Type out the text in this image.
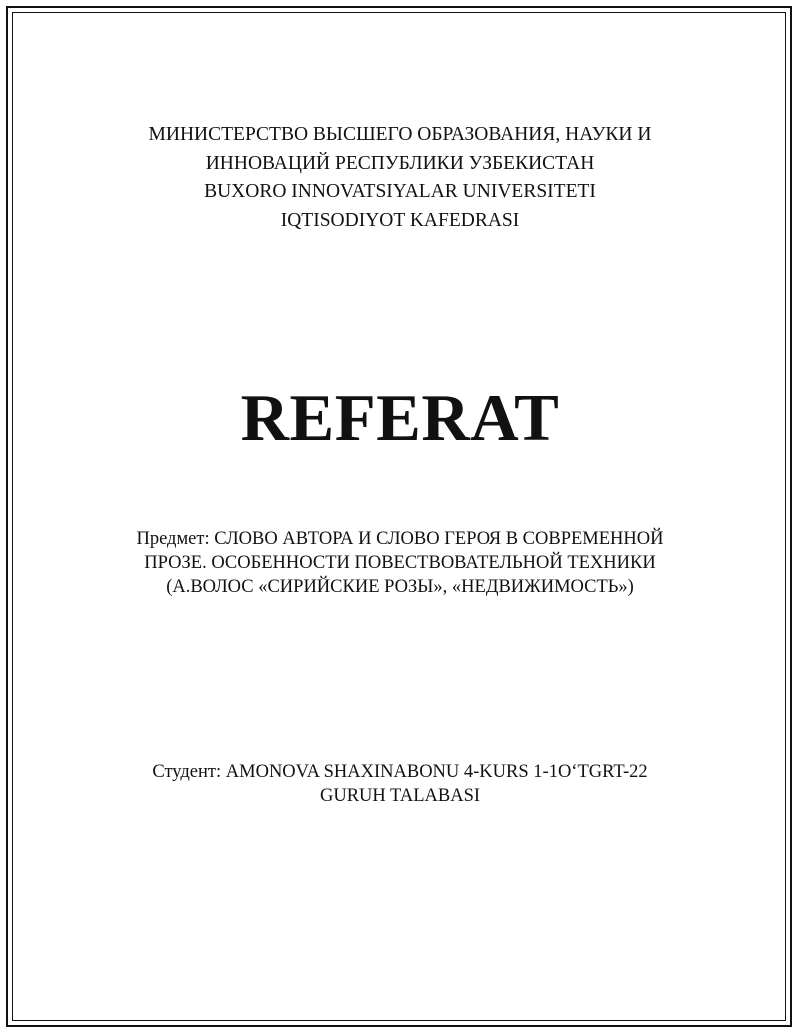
МИНИСТЕРСТВО ВЫСШЕГО ОБРАЗОВАНИЯ, НАУКИ И
ИННОВАЦИЙ РЕСПУБЛИКИ УЗБЕКИСТАН
BUXORO INNOVATSIYALAR UNIVERSITETI
IQTISODIYOT KAFEDRASI
REFERAT
Предмет: СЛОВО АВТОРА И СЛОВО ГЕРОЯ В СОВРЕМЕННОЙ
ПРОЗЕ. ОСОБЕННОСТИ ПОВЕСТВОВАТЕЛЬНОЙ ТЕХНИКИ
(А.ВОЛОС «СИРИЙСКИЕ РОЗЫ», «НЕДВИЖИМОСТЬ»)
Студент: AMONOVA SHAXINABONU 4-KURS 1-1O‘TGRT-22
GURUH TALABASI
